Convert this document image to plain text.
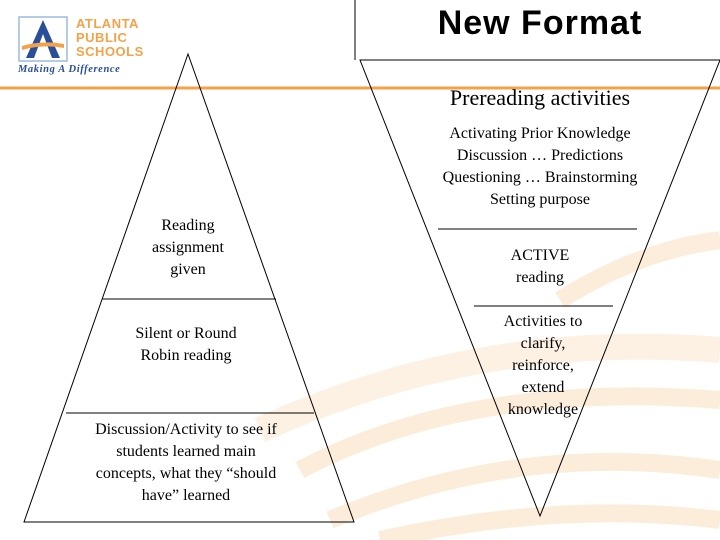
ATLANTA
PUBLIC
SCHOOLS
Making A Difference
New Format
Reading
assignment
given
Silent or Round
Robin reading
Discussion/Activity to see if
students learned main
concepts, what they “should
have” learned
Prereading activities
Activating Prior Knowledge
Discussion … Predictions
Questioning … Brainstorming
Setting purpose
ACTIVE
reading
Activities to
clarify,
reinforce,
extend
knowledge
